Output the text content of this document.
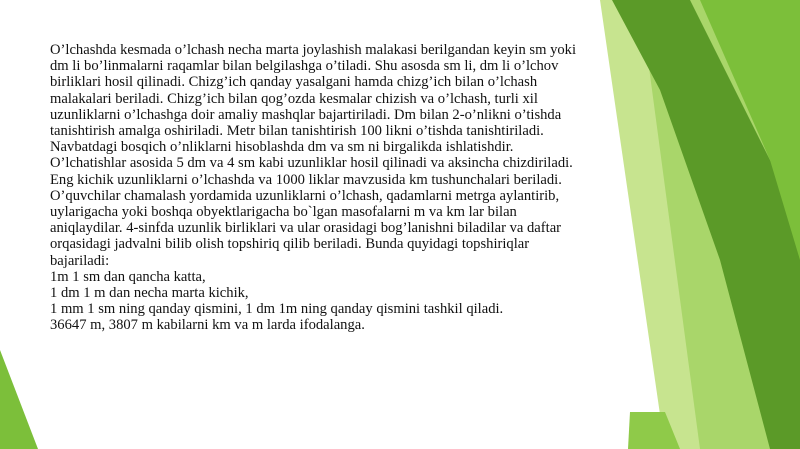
O’lchashda kesmada o’lchash necha marta joylashish malakasi berilgandan keyin sm yoki dm li bo’linmalarni raqamlar bilan belgilashga o’tiladi. Shu asosda sm li, dm li o’lchov birliklari hosil qilinadi. Chizg’ich qanday yasalgani hamda chizg’ich bilan o’lchash malakalari beriladi. Chizg’ich bilan qog’ozda kesmalar chizish va o’lchash, turli xil uzunliklarni o’lchashga doir amaliy mashqlar bajartiriladi. Dm bilan 2-o’nlikni o’tishda tanishtirish amalga oshiriladi. Metr bilan tanishtirish 100 likni o’tishda tanishtiriladi.

Navbatdagi bosqich o’nliklarni hisoblashda dm va sm ni birgalikda ishlatishdir. O’lchatishlar asosida 5 dm va 4 sm kabi uzunliklar hosil qilinadi va aksincha chizdiriladi. Eng kichik uzunliklarni o’lchashda va 1000 liklar mavzusida km tushunchalari beriladi.

O’quvchilar chamalash yordamida uzunliklarni o’lchash, qadamlarni metrga aylantirib, uylarigacha yoki boshqa obyektlarigacha bo`lgan masofalarni m va km lar bilan aniqlaydilar. 4-sinfda uzunlik birliklari va ular orasidagi bog’lanishni biladilar va daftar orqasidagi jadvalni bilib olish topshiriq qilib beriladi. Bunda quyidagi topshiriqlar bajariladi:

1m 1 sm dan qancha katta,

1 dm 1 m dan necha marta kichik,

1 mm 1 sm ning qanday qismini, 1 dm 1m ning qanday qismini tashkil qiladi.

36647 m, 3807 m kabilarni km va m larda ifodalanga.
